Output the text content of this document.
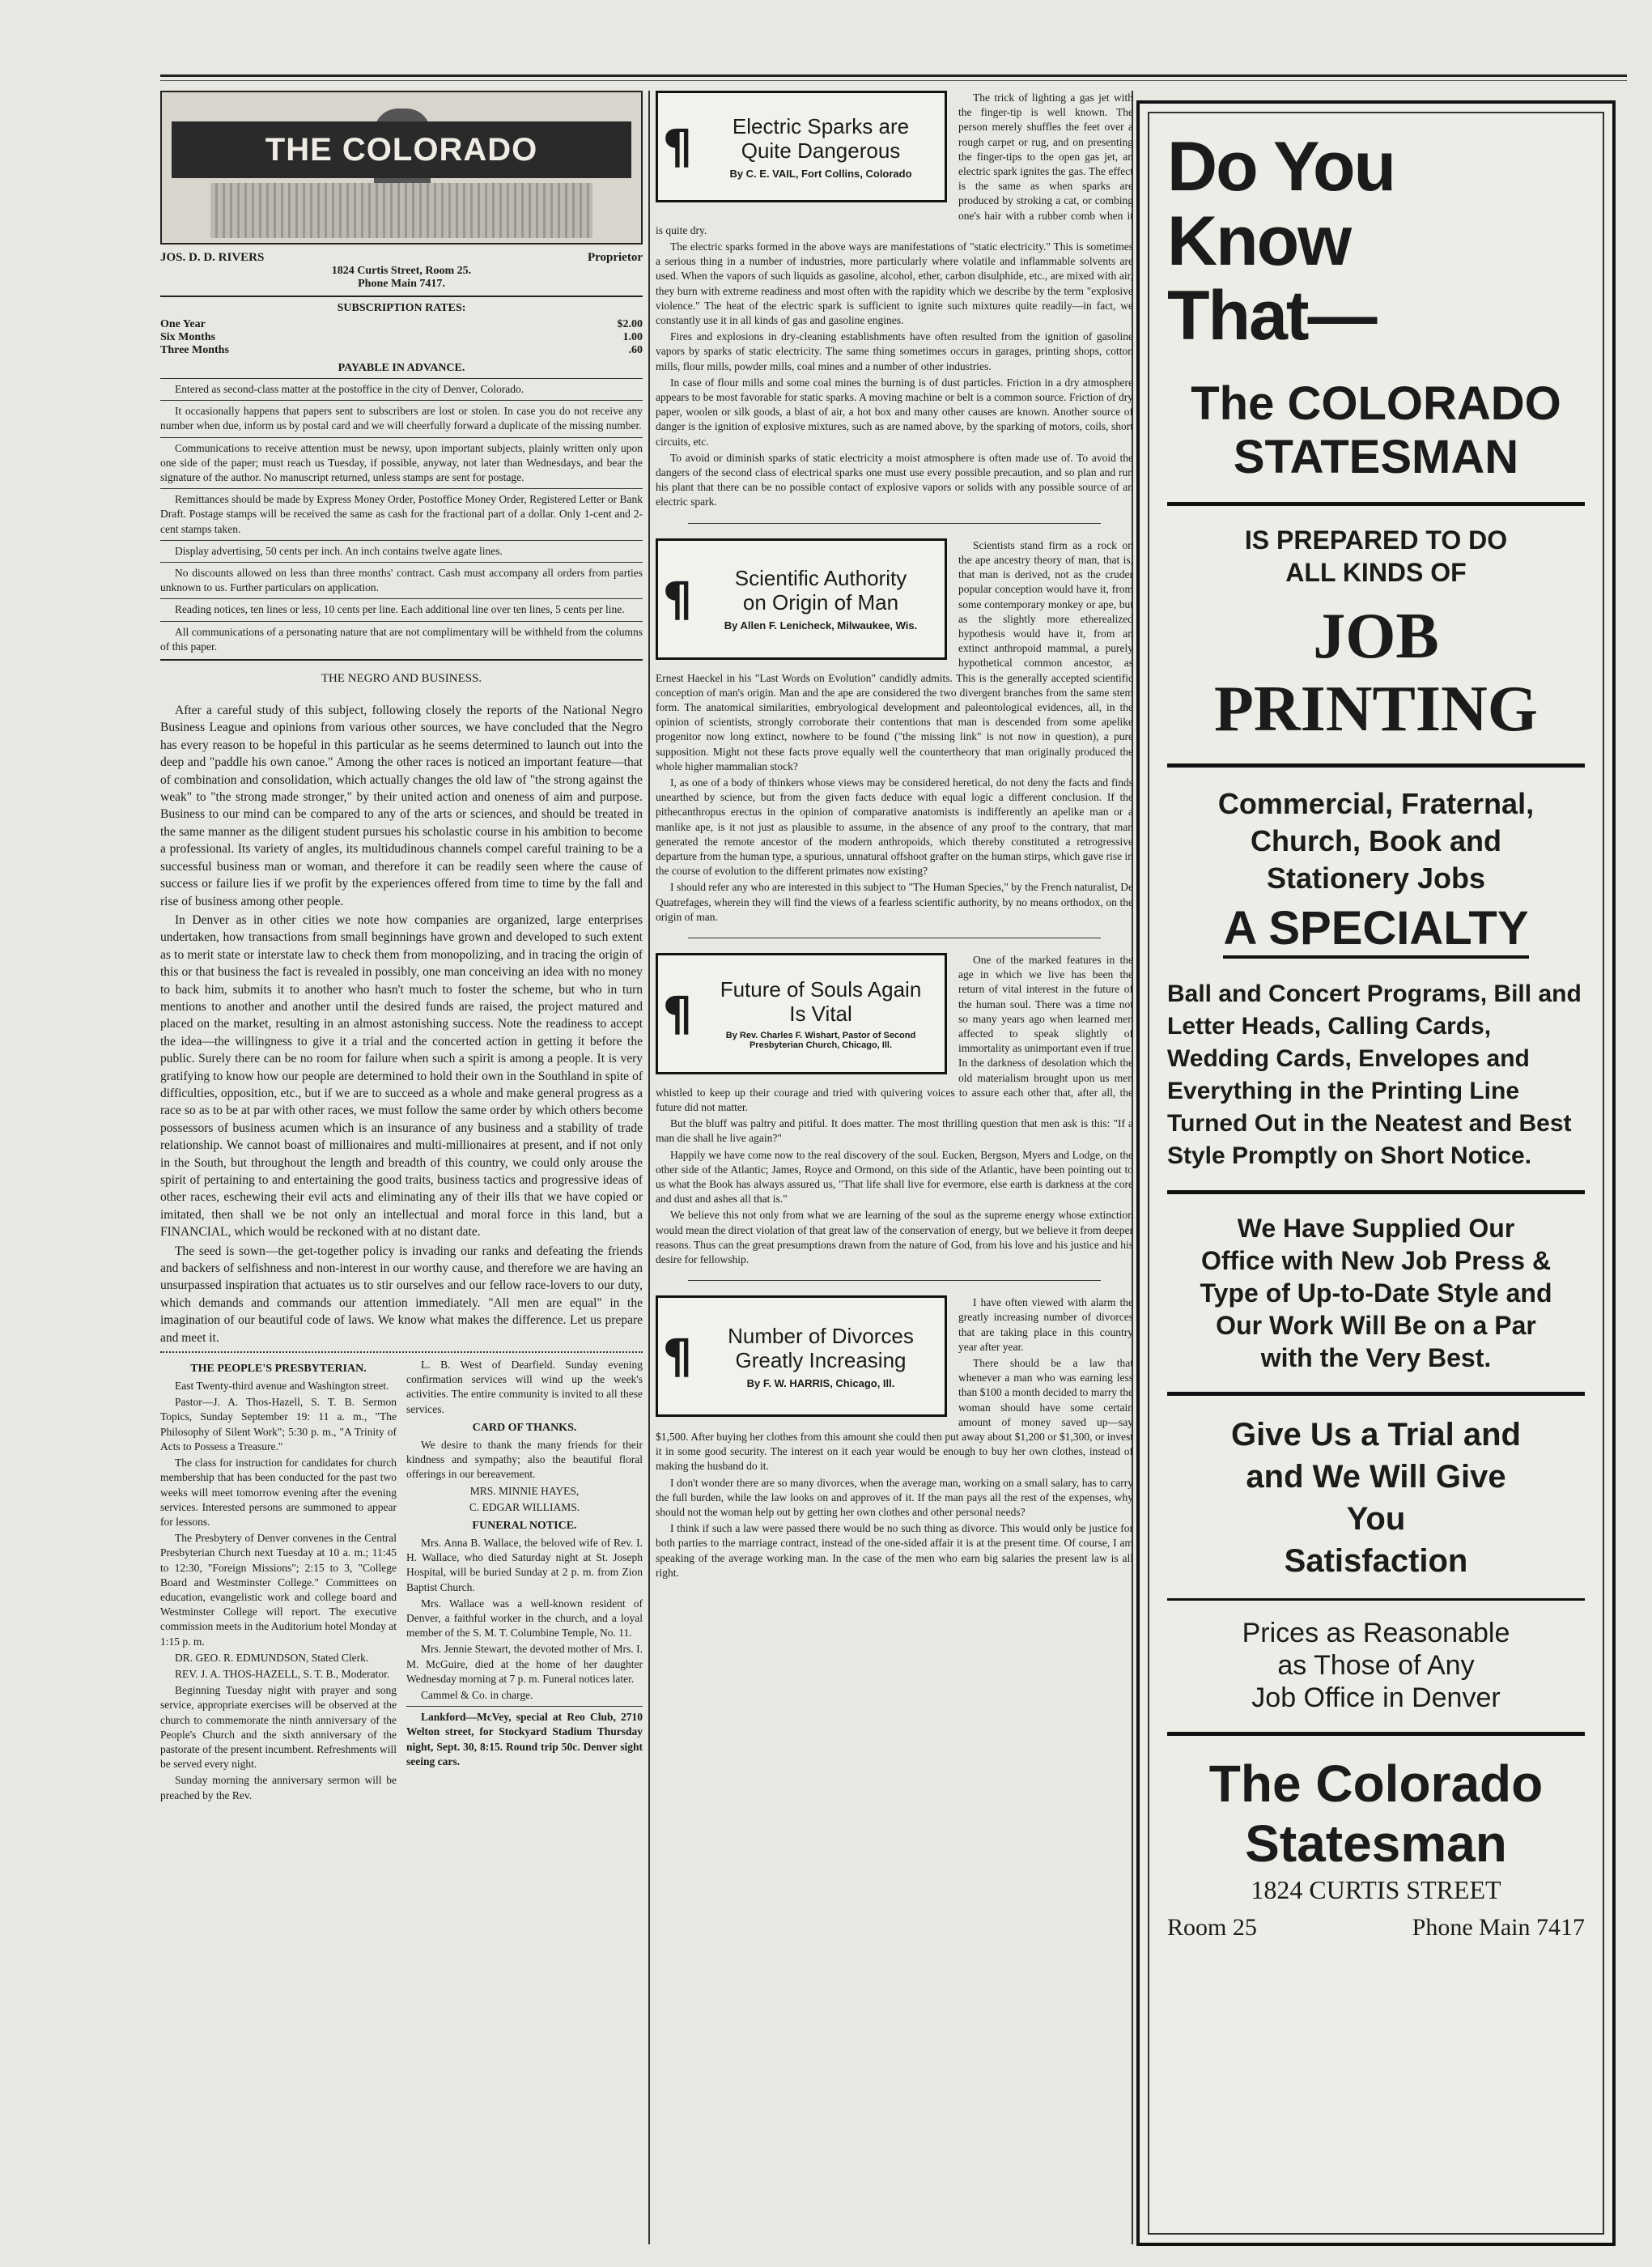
THE COLORADO
JOS. D. D. RIVERS	Proprietor
1824 Curtis Street, Room 25.
Phone Main 7417.
SUBSCRIPTION RATES:
One Year	$2.00
Six Months	1.00
Three Months	.60
PAYABLE IN ADVANCE.

Entered as second-class matter at the postoffice in the city of Denver, Colorado.

It occasionally happens that papers sent to subscribers are lost or stolen. In case you do not receive any number when due, inform us by postal card and we will cheerfully forward a duplicate of the missing number.

Communications to receive attention must be newsy, upon important subjects, plainly written only upon one side of the paper; must reach us Tuesday, if possible, anyway, not later than Wednesdays, and bear the signature of the author. No manuscript returned, unless stamps are sent for postage.

Remittances should be made by Express Money Order, Postoffice Money Order, Registered Letter or Bank Draft. Postage stamps will be received the same as cash for the fractional part of a dollar. Only 1-cent and 2-cent stamps taken.

Display advertising, 50 cents per inch. An inch contains twelve agate lines.

No discounts allowed on less than three months' contract. Cash must accompany all orders from parties unknown to us. Further particulars on application.

Reading notices, ten lines or less, 10 cents per line. Each additional line over ten lines, 5 cents per line.

All communications of a personating nature that are not complimentary will be withheld from the columns of this paper.

THE NEGRO AND BUSINESS.

After a careful study of this subject, following closely the reports of the National Negro Business League and opinions from various other sources, we have concluded that the Negro has every reason to be hopeful in this particular as he seems determined to launch out into the deep and "paddle his own canoe." Among the other races is noticed an important feature—that of combination and consolidation, which actually changes the old law of "the strong against the weak" to "the strong made stronger," by their united action and oneness of aim and purpose. Business to our mind can be compared to any of the arts or sciences, and should be treated in the same manner as the diligent student pursues his scholastic course in his ambition to become a professional. Its variety of angles, its multidudinous channels compel careful training to be a successful business man or woman, and therefore it can be readily seen where the cause of success or failure lies if we profit by the experiences offered from time to time by the fall and rise of business among other people.

In Denver as in other cities we note how companies are organized, large enterprises undertaken, how transactions from small beginnings have grown and developed to such extent as to merit state or interstate law to check them from monopolizing, and in tracing the origin of this or that business the fact is revealed in possibly, one man conceiving an idea with no money to back him, submits it to another who hasn't much to foster the scheme, but who in turn mentions to another and another until the desired funds are raised, the project matured and placed on the market, resulting in an almost astonishing success. Note the readiness to accept the idea—the willingness to give it a trial and the concerted action in getting it before the public. Surely there can be no room for failure when such a spirit is among a people. It is very gratifying to know how our people are determined to hold their own in the Southland in spite of difficulties, opposition, etc., but if we are to succeed as a whole and make general progress as a race so as to be at par with other races, we must follow the same order by which others become possessors of business acumen which is an insurance of any business and a stability of trade relationship. We cannot boast of millionaires and multi-millionaires at present, and if not only in the South, but throughout the length and breadth of this country, we could only arouse the spirit of pertaining to and entertaining the good traits, business tactics and progressive ideas of other races, eschewing their evil acts and eliminating any of their ills that we have copied or imitated, then shall we be not only an intellectual and moral force in this land, but a FINANCIAL, which would be reckoned with at no distant date.

The seed is sown—the get-together policy is invading our ranks and defeating the friends and backers of selfishness and non-interest in our worthy cause, and therefore we are having an unsurpassed inspiration that actuates us to stir ourselves and our fellow race-lovers to our duty, which demands and commands our attention immediately. "All men are equal" in the imagination of our beautiful code of laws. We know what makes the difference. Let us prepare and meet it.

THE PEOPLE'S PRESBYTERIAN.

East Twenty-third avenue and Washington street.

Pastor—J. A. Thos-Hazell, S. T. B. Sermon Topics, Sunday September 19: 11 a. m., "The Philosophy of Silent Work"; 5:30 p. m., "A Trinity of Acts to Possess a Treasure."

The class for instruction for candidates for church membership that has been conducted for the past two weeks will meet tomorrow evening after the evening services. Interested persons are summoned to appear for lessons.

The Presbytery of Denver convenes in the Central Presbyterian Church next Tuesday at 10 a. m.; 11:45 to 12:30, "Foreign Missions"; 2:15 to 3, "College Board and Westminster College." Committees on education, evangelistic work and college board and Westminster College will report. The executive commission meets in the Auditorium hotel Monday at 1:15 p. m.

DR. GEO. R. EDMUNDSON, Stated Clerk.

REV. J. A. THOS-HAZELL, S. T. B., Moderator.

Beginning Tuesday night with prayer and song service, appropriate exercises will be observed at the church to commemorate the ninth anniversary of the People's Church and the sixth anniversary of the pastorate of the present incumbent. Refreshments will be served every night.

Sunday morning the anniversary sermon will be preached by the Rev.

L. B. West of Dearfield. Sunday evening confirmation services will wind up the week's activities. The entire community is invited to all these services.

CARD OF THANKS.

We desire to thank the many friends for their kindness and sympathy; also the beautiful floral offerings in our bereavement.

MRS. MINNIE HAYES,
C. EDGAR WILLIAMS.
FUNERAL NOTICE.

Mrs. Anna B. Wallace, the beloved wife of Rev. I. H. Wallace, who died Saturday night at St. Joseph Hospital, will be buried Sunday at 2 p. m. from Zion Baptist Church.

Mrs. Wallace was a well-known resident of Denver, a faithful worker in the church, and a loyal member of the S. M. T. Columbine Temple, No. 11.

Mrs. Jennie Stewart, the devoted mother of Mrs. I. M. McGuire, died at the home of her daughter Wednesday morning at 7 p. m. Funeral notices later.

Cammel & Co. in charge.

Lankford—McVey, special at Reo Club, 2710 Welton street, for Stockyard Stadium Thursday night, Sept. 30, 8:15. Round trip 50c. Denver sight seeing cars.

¶	Electric Sparks are
Quite Dangerous
By C. E. VAIL, Fort Collins, Colorado

The trick of lighting a gas jet with the finger-tip is well known. The person merely shuffles the feet over a rough carpet or rug, and on presenting the finger-tips to the open gas jet, an electric spark ignites the gas. The effect is the same as when sparks are produced by stroking a cat, or combing one's hair with a rubber comb when it is quite dry.

The electric sparks formed in the above ways are manifestations of "static electricity." This is sometimes a serious thing in a number of industries, more particularly where volatile and inflammable solvents are used. When the vapors of such liquids as gasoline, alcohol, ether, carbon disulphide, etc., are mixed with air, they burn with extreme readiness and most often with the rapidity which we describe by the term "explosive violence." The heat of the electric spark is sufficient to ignite such mixtures quite readily—in fact, we constantly use it in all kinds of gas and gasoline engines.

Fires and explosions in dry-cleaning establishments have often resulted from the ignition of gasoline vapors by sparks of static electricity. The same thing sometimes occurs in garages, printing shops, cotton mills, flour mills, powder mills, coal mines and a number of other industries.

In case of flour mills and some coal mines the burning is of dust particles. Friction in a dry atmosphere appears to be most favorable for static sparks. A moving machine or belt is a common source. Friction of dry paper, woolen or silk goods, a blast of air, a hot box and many other causes are known. Another source of danger is the ignition of explosive mixtures, such as are named above, by the sparking of motors, coils, short circuits, etc.

To avoid or diminish sparks of static electricity a moist atmosphere is often made use of. To avoid the dangers of the second class of electrical sparks one must use every possible precaution, and so plan and run his plant that there can be no possible contact of explosive vapors or solids with any possible source of an electric spark.

¶	Scientific Authority
on Origin of Man
By Allen F. Lenicheck, Milwaukee, Wis.

Scientists stand firm as a rock on the ape ancestry theory of man, that is, that man is derived, not as the cruder popular conception would have it, from some contemporary monkey or ape, but as the slightly more etherealized hypothesis would have it, from an extinct anthropoid mammal, a purely hypothetical common ancestor, as Ernest Haeckel in his "Last Words on Evolution" candidly admits. This is the generally accepted scientific conception of man's origin. Man and the ape are considered the two divergent branches from the same stem form. The anatomical similarities, embryological development and paleontological evidences, all, in the opinion of scientists, strongly corroborate their contentions that man is descended from some apelike progenitor now long extinct, nowhere to be found ("the missing link" is not now in question), a pure supposition. Might not these facts prove equally well the countertheory that man originally produced the whole higher mammalian stock?

I, as one of a body of thinkers whose views may be considered heretical, do not deny the facts and finds unearthed by science, but from the given facts deduce with equal logic a different conclusion. If the pithecanthropus erectus in the opinion of comparative anatomists is indifferently an apelike man or a manlike ape, is it not just as plausible to assume, in the absence of any proof to the contrary, that man generated the remote ancestor of the modern anthropoids, which thereby constituted a retrogressive departure from the human type, a spurious, unnatural offshoot grafter on the human stirps, which gave rise in the course of evolution to the different primates now existing?

I should refer any who are interested in this subject to "The Human Species," by the French naturalist, De Quatrefages, wherein they will find the views of a fearless scientific authority, by no means orthodox, on the origin of man.

¶	Future of Souls Again
Is Vital
By Rev. Charles F. Wishart, Pastor of Second Presbyterian Church, Chicago, Ill.

One of the marked features in the age in which we live has been the return of vital interest in the future of the human soul. There was a time not so many years ago when learned men affected to speak slightly of immortality as unimportant even if true. In the darkness of desolation which the old materialism brought upon us men whistled to keep up their courage and tried with quivering voices to assure each other that, after all, the future did not matter.

But the bluff was paltry and pitiful. It does matter. The most thrilling question that men ask is this: "If a man die shall he live again?"

Happily we have come now to the real discovery of the soul. Eucken, Bergson, Myers and Lodge, on the other side of the Atlantic; James, Royce and Ormond, on this side of the Atlantic, have been pointing out to us what the Book has always assured us, "That life shall live for evermore, else earth is darkness at the core and dust and ashes all that is."

We believe this not only from what we are learning of the soul as the supreme energy whose extinction would mean the direct violation of that great law of the conservation of energy, but we believe it from deeper reasons. Thus can the great presumptions drawn from the nature of God, from his love and his justice and his desire for fellowship.

¶	Number of Divorces
Greatly Increasing
By F. W. HARRIS, Chicago, Ill.

I have often viewed with alarm the greatly increasing number of divorces that are taking place in this country year after year.

There should be a law that whenever a man who was earning less than $100 a month decided to marry the woman should have some certain amount of money saved up—say $1,500. After buying her clothes from this amount she could then put away about $1,200 or $1,300, or invest it in some good security. The interest on it each year would be enough to buy her own clothes, instead of making the husband do it.

I don't wonder there are so many divorces, when the average man, working on a small salary, has to carry the full burden, while the law looks on and approves of it. If the man pays all the rest of the expenses, why should not the woman help out by getting her own clothes and other personal needs?

I think if such a law were passed there would be no such thing as divorce. This would only be justice for both parties to the marriage contract, instead of the one-sided affair it is at the present time. Of course, I am speaking of the average working man. In the case of the men who earn big salaries the present law is all right.

Do You Know
That—
The COLORADO
STATESMAN
IS PREPARED TO DO
ALL KINDS OF
JOB PRINTING
Commercial, Fraternal,
Church, Book and
Stationery Jobs
A SPECIALTY
Ball and Concert Programs, Bill and Letter Heads, Calling Cards, Wedding Cards, Envelopes and Everything in the Printing Line Turned Out in the Neatest and Best Style Promptly on Short Notice.
We Have Supplied Our Office with New Job Press & Type of Up-to-Date Style and Our Work Will Be on a Par with the Very Best.
Give Us a Trial and
and We Will Give
You
Satisfaction
Prices as Reasonable
as Those of Any
Job Office in Denver
The Colorado
Statesman
1824 CURTIS STREET
Room 25	Phone Main 7417
